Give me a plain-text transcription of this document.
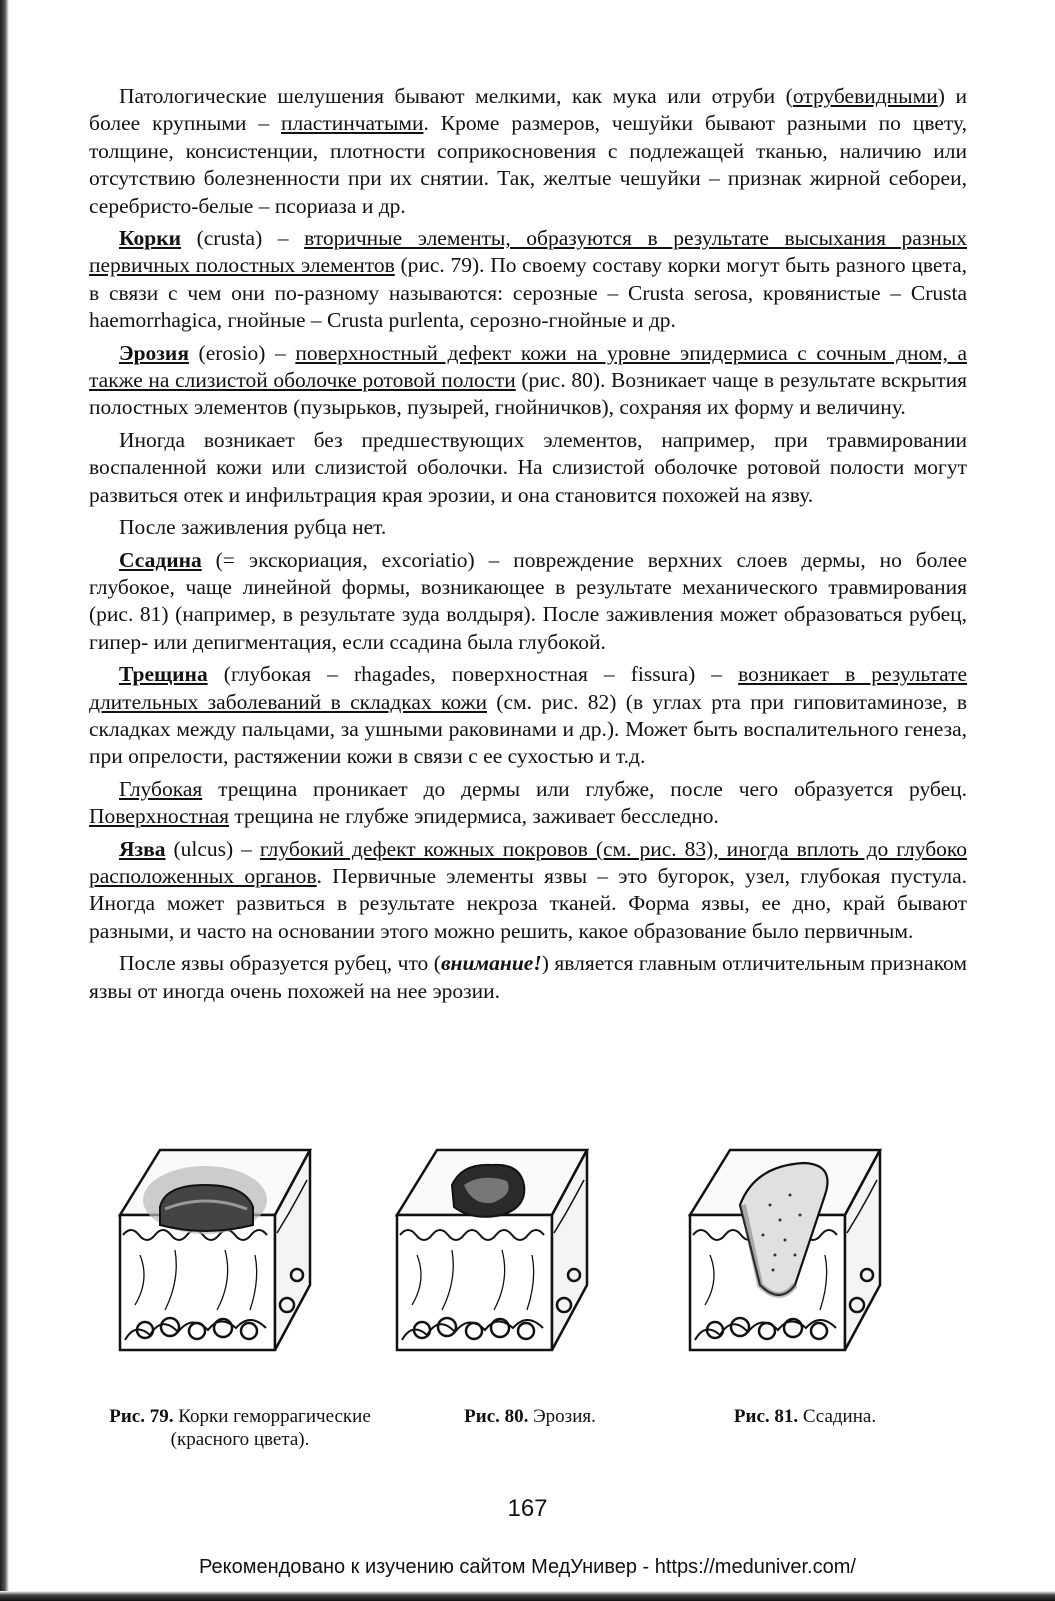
Патологические шелушения бывают мелкими, как мука или отруби (отрубевидными) и более крупными – пластинчатыми. Кроме размеров, чешуйки бывают разными по цвету, толщине, консистенции, плотности соприкосновения с подлежащей тканью, наличию или отсутствию болезненности при их снятии. Так, желтые чешуйки – признак жирной себореи, серебристо-белые – псориаза и др.

Корки (crusta) – вторичные элементы, образуются в результате высыхания разных первичных полостных элементов (рис. 79). По своему составу корки могут быть разного цвета, в связи с чем они по-разному называются: серозные – Crusta serosa, кровянистые – Crusta haemorrhagica, гнойные – Crusta purlenta, серозно-гнойные и др.

Эрозия (erosio) – поверхностный дефект кожи на уровне эпидермиса с сочным дном, а также на слизистой оболочке ротовой полости (рис. 80). Возникает чаще в результате вскрытия полостных элементов (пузырьков, пузырей, гнойничков), сохраняя их форму и величину.

Иногда возникает без предшествующих элементов, например, при травмировании воспаленной кожи или слизистой оболочки. На слизистой оболочке ротовой полости могут развиться отек и инфильтрация края эрозии, и она становится похожей на язву.

После заживления рубца нет.

Ссадина (= экскориация, excoriatio) – повреждение верхних слоев дермы, но более глубокое, чаще линейной формы, возникающее в результате механического травмирования (рис. 81) (например, в результате зуда волдыря). После заживления может образоваться рубец, гипер- или депигментация, если ссадина была глубокой.

Трещина (глубокая – rhagades, поверхностная – fissura) – возникает в результате длительных заболеваний в складках кожи (см. рис. 82) (в углах рта при гиповитаминозе, в складках между пальцами, за ушными раковинами и др.). Может быть воспалительного генеза, при опрелости, растяжении кожи в связи с ее сухостью и т.д.

Глубокая трещина проникает до дермы или глубже, после чего образуется рубец. Поверхностная трещина не глубже эпидермиса, заживает бесследно.

Язва (ulcus) – глубокий дефект кожных покровов (см. рис. 83), иногда вплоть до глубоко расположенных органов. Первичные элементы язвы – это бугорок, узел, глубокая пустула. Иногда может развиться в результате некроза тканей. Форма язвы, ее дно, край бывают разными, и часто на основании этого можно решить, какое образование было первичным.

После язвы образуется рубец, что (внимание!) является главным отличительным признаком язвы от иногда очень похожей на нее эрозии.

Рис. 79. Корки геморрагические (красного цвета).
Рис. 80. Эрозия.	Рис. 81. Ссадина.
167
Рекомендовано к изучению сайтом МедУнивер - https://meduniver.com/
